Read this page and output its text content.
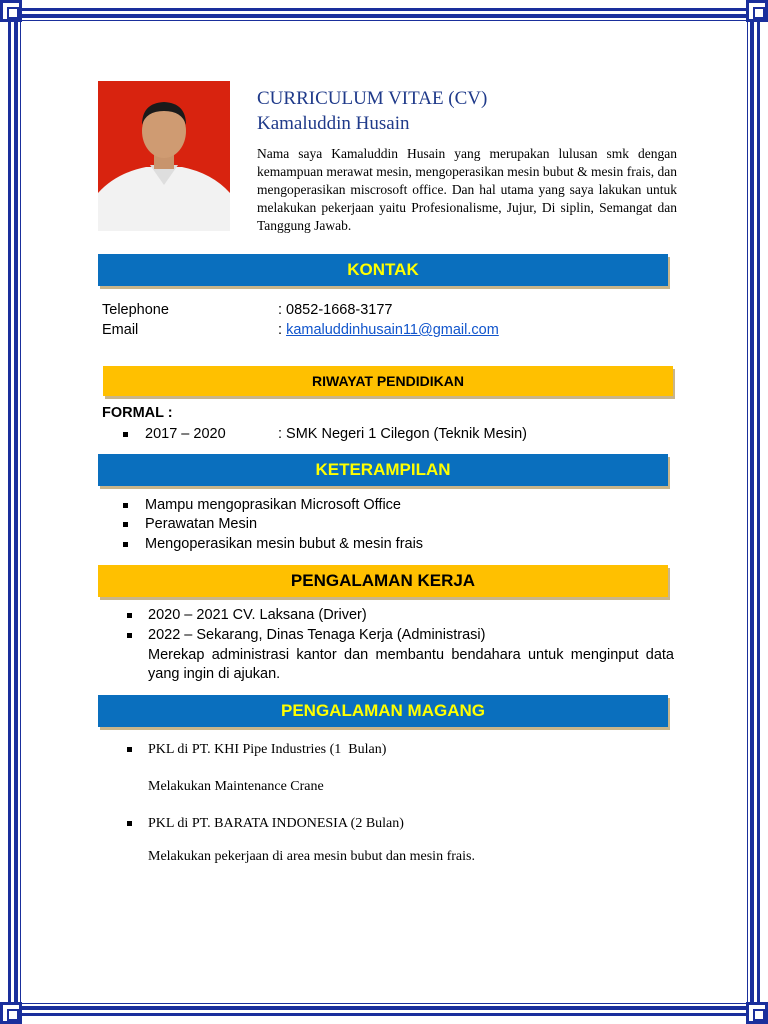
CURRICULUM VITAE (CV)
Kamaluddin Husain
Nama saya Kamaluddin Husain yang merupakan lulusan smk dengan kemampuan merawat mesin, mengoperasikan mesin bubut & mesin frais, dan mengoperasikan miscrosoft office. Dan hal utama yang saya lakukan untuk melakukan pekerjaan yaitu Profesionalisme, Jujur, Di siplin, Semangat dan Tanggung Jawab.
KONTAK
Telephone	: 0852-1668-3177
Email	: kamaluddinhusain11@gmail.com
RIWAYAT PENDIDIKAN
FORMAL :
2017 – 2020	: SMK Negeri 1 Cilegon (Teknik Mesin)
KETERAMPILAN
Mampu mengoprasikan Microsoft Office
Perawatan Mesin
Mengoperasikan mesin bubut & mesin frais
PENGALAMAN KERJA
2020 – 2021 CV. Laksana (Driver)
2022 – Sekarang, Dinas Tenaga Kerja (Administrasi)
Merekap administrasi kantor dan membantu bendahara untuk menginput data yang ingin di ajukan.
PENGALAMAN MAGANG
PKL di PT. KHI Pipe Industries (1  Bulan)
Melakukan Maintenance Crane
PKL di PT. BARATA INDONESIA (2 Bulan)
Melakukan pekerjaan di area mesin bubut dan mesin frais.
